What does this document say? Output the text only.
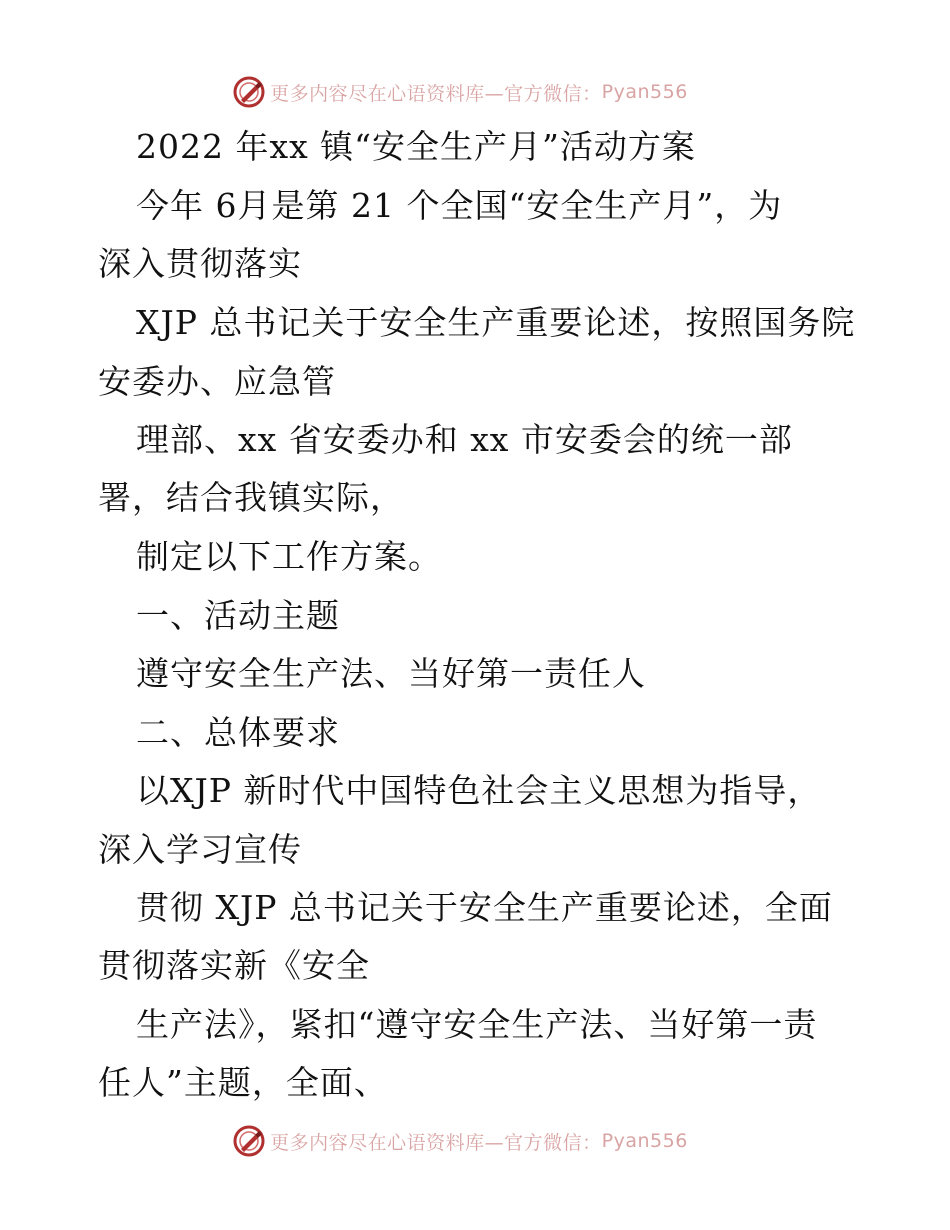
更多内容尽在心语资料库—官方微信： Pyan556
2022 年xx 镇“安全生产月”活动方案
今年 6月是第 21 个全国“安全生产月”，为
深入贯彻落实
XJP 总书记关于安全生产重要论述，按照国务院
安委办、应急管
理部、xx 省安委办和 xx 市安委会的统一部
署，结合我镇实际，
制定以下工作方案。
一、活动主题
遵守安全生产法、当好第一责任人
二、总体要求
以XJP 新时代中国特色社会主义思想为指导，
深入学习宣传
贯彻 XJP 总书记关于安全生产重要论述，全面
贯彻落实新《安全
生产法》，紧扣“遵守安全生产法、当好第一责
任人”主题，全面、
更多内容尽在心语资料库—官方微信： Pyan556
